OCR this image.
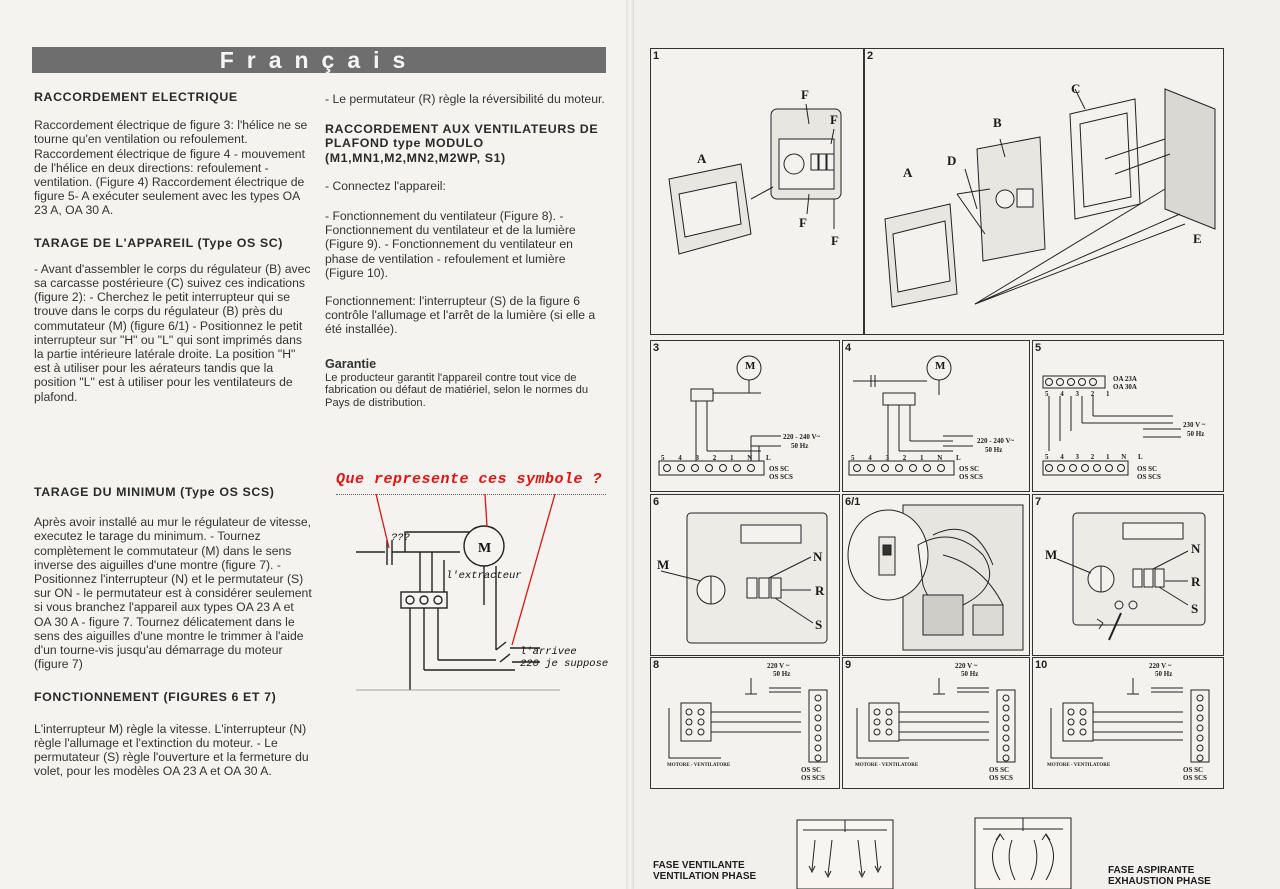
Français
RACCORDEMENT ELECTRIQUE

Raccordement électrique de figure 3: l'hélice ne se tourne qu'en ventilation ou refoulement. Raccordement électrique de figure 4 - mouvement de l'hélice en deux directions: refoulement - ventilation. (Figure 4) Raccordement électrique de figure 5- A exécuter seulement avec les types OA 23 A, OA 30 A.

TARAGE DE L'APPAREIL (Type OS SC)

- Avant d'assembler le corps du régulateur (B) avec sa carcasse postérieure (C) suivez ces indications (figure 2): - Cherchez le petit interrupteur qui se trouve dans le corps du régulateur (B) près du commutateur (M) (figure 6/1) - Positionnez le petit interrupteur sur "H" ou "L" qui sont imprimés dans la partie intérieure latérale droite. La position "H" est à utiliser pour les aérateurs tandis que la position "L" est à utiliser pour les ventilateurs de plafond.

TARAGE DU MINIMUM (Type OS SCS)

Après avoir installé au mur le régulateur de vitesse, executez le tarage du minimum. - Tournez complètement le commutateur (M) dans le sens inverse des aiguilles d'une montre (figure 7). -Positionnez l'interrupteur (N) et le permutateur (S) sur ON - le permutateur est à considérer seulement si vous branchez l'appareil aux types OA 23 A et OA 30 A - figure 7. Tournez délicatement dans le sens des aiguilles d'une montre le trimmer à l'aide d'un tourne-vis jusqu'au démarrage du moteur (figure 7)

FONCTIONNEMENT (FIGURES 6 ET 7)

L'interrupteur M) règle la vitesse. L'interrupteur (N) règle l'allumage et l'extinction du moteur. - Le permutateur (S) règle l'ouverture et la fermeture du volet, pour les modèles OA 23 A et OA 30 A.

- Le permutateur (R) règle la réversibilité du moteur.

RACCORDEMENT AUX VENTILATEURS DE PLAFOND type MODULO (M1,MN1,M2,MN2,M2WP, S1)

- Connectez l'appareil:

- Fonctionnement du ventilateur (Figure 8). - Fonctionnement du ventilateur et de la lumière (Figure 9). - Fonctionnement du ventilateur en phase de ventilation - refoulement et lumière (Figure 10).

Fonctionnement: l'interrupteur (S) de la figure 6 contrôle l'allumage et l'arrêt de la lumière (si elle a été installée).

Garantie

Le producteur garantit l'appareil contre tout vice de fabrication ou défaut de matiériel, selon le normes du Pays de distribution.

Que represente ces symbole ?
M
???
l'extracteur
l'arrivee
220 je suppose
1
A
F
F
F
F
2
A
B
C
D
E
3
M
220 - 240 V~
50 Hz
5 4 3 2 1 N L
OS SC
OS SCS
4
M
220 - 240 V~
50 Hz
5 4 3 2 1 N L
OS SC
OS SCS
5
OA 23A
OA 30A
5 4 3 2 1
230 V ~
50 Hz
5 4 3 2 1 N L
OS SC
OS SCS
6
M
N
R
S
6/1	7
M	N
R
S
8	220 V ~
50 Hz
MOTORE - VENTILATORE
OS SC
OS SCS
9	220 V ~
50 Hz
MOTORE - VENTILATORE
OS SC
OS SCS
10	220 V ~
50 Hz
MOTORE - VENTILATORE
OS SC
OS SCS
FASE VENTILANTE
VENTILATION PHASE
FASE ASPIRANTE
EXHAUSTION PHASE
